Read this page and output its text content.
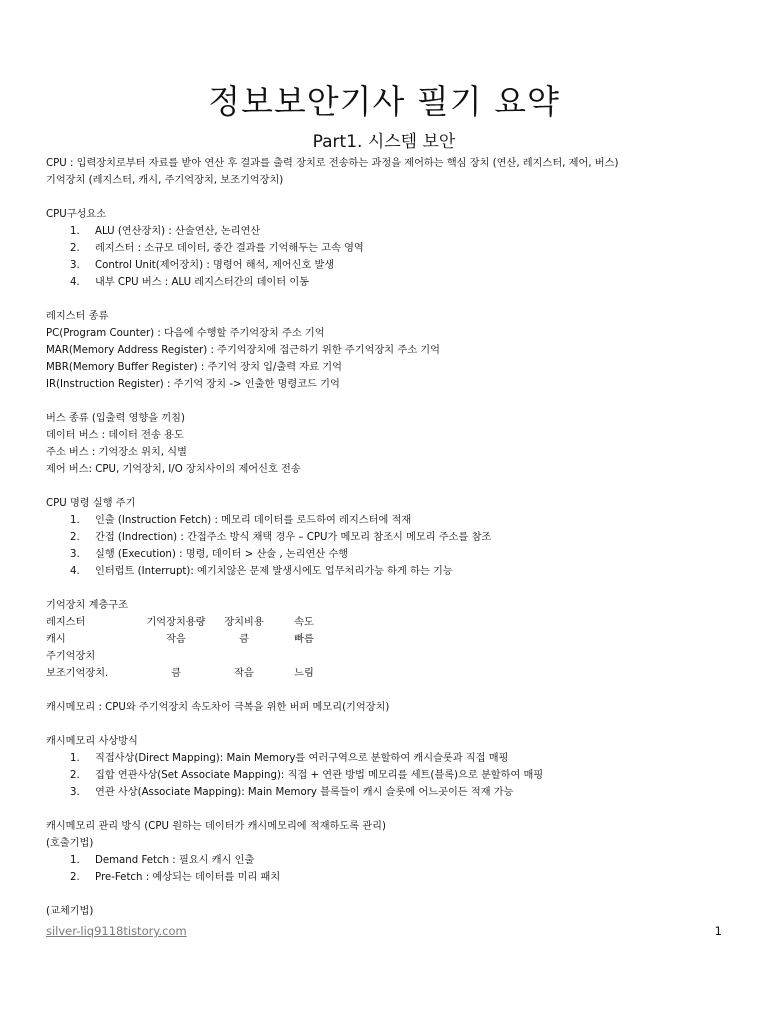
정보보안기사 필기 요약
Part1. 시스템 보안
CPU : 입력장치로부터 자료를 받아 연산 후 결과를 출력 장치로 전송하는 과정을 제어하는 핵심 장치 (연산, 레지스터, 제어, 버스)
기억장치 (레지스터, 캐시, 주기억장치, 보조기억장치)
CPU구성요소
1. ALU (연산장치) : 산술연산, 논리연산
2. 레지스터 : 소규모 데이터, 중간 결과를 기억해두는 고속 영역
3. Control Unit(제어장치) : 명령어 해석, 제어신호 발생
4. 내부 CPU 버스 : ALU 레지스터간의 데이터 이동
레지스터 종류
PC(Program Counter) : 다음에 수행할 주기억장치 주소 기억
MAR(Memory Address Register) : 주기억장치에 접근하기 위한 주기억장치 주소 기억
MBR(Memory Buffer Register) : 주기억 장치 입/출력 자료 기억
IR(Instruction Register) : 주기억 장치 -> 인출한 명령코드 기억
버스 종류 (입출력 영향을 끼침)
데이터 버스 : 데이터 전송 용도
주소 버스 : 기억장소 위치, 식별
제어 버스: CPU, 기억장치, I/O 장치사이의 제어신호 전송
CPU 명령 실행 주기
1. 인출 (Instruction Fetch) : 메모리 데이터를 로드하여 레지스터에 적재
2. 간접 (Indrection) : 간접주소 방식 채택 경우 – CPU가 메모리 참조시 메모리 주소를 참조
3. 실행 (Execution) : 명령, 데이터 > 산술 , 논리연산 수행
4. 인터럽트 (Interrupt): 예기치않은 문제 발생시에도 업무처리가능 하게 하는 기능
기억장치 계층구조
레지스터	기억장치용량	장치비용	속도
캐시	작음	큼	빠름
주기억장치
보조기억장치.	큼	작음	느림
캐시메모리 : CPU와 주기억장치 속도차이 극복을 위한 버퍼 메모리(기억장치)
캐시메모리 사상방식
1. 직접사상(Direct Mapping): Main Memory를 여러구역으로 분할하여 캐시슬롯과 직접 매핑
2. 집합 연관사상(Set Associate Mapping): 직접 + 연관 방법 메모리를 세트(블록)으로 분할하여 매핑
3. 연관 사상(Associate Mapping): Main Memory 블록들이 캐시 슬롯에 어느곳이든 적재 가능
캐시메모리 관리 방식 (CPU 원하는 데이터가 캐시메모리에 적재하도록 관리)
(호출기법)
1. Demand Fetch : 필요시 캐시 인출
2. Pre-Fetch : 예상되는 데이터를 미리 패치
(교체기법)
silver-liq9118tistory.com	1
